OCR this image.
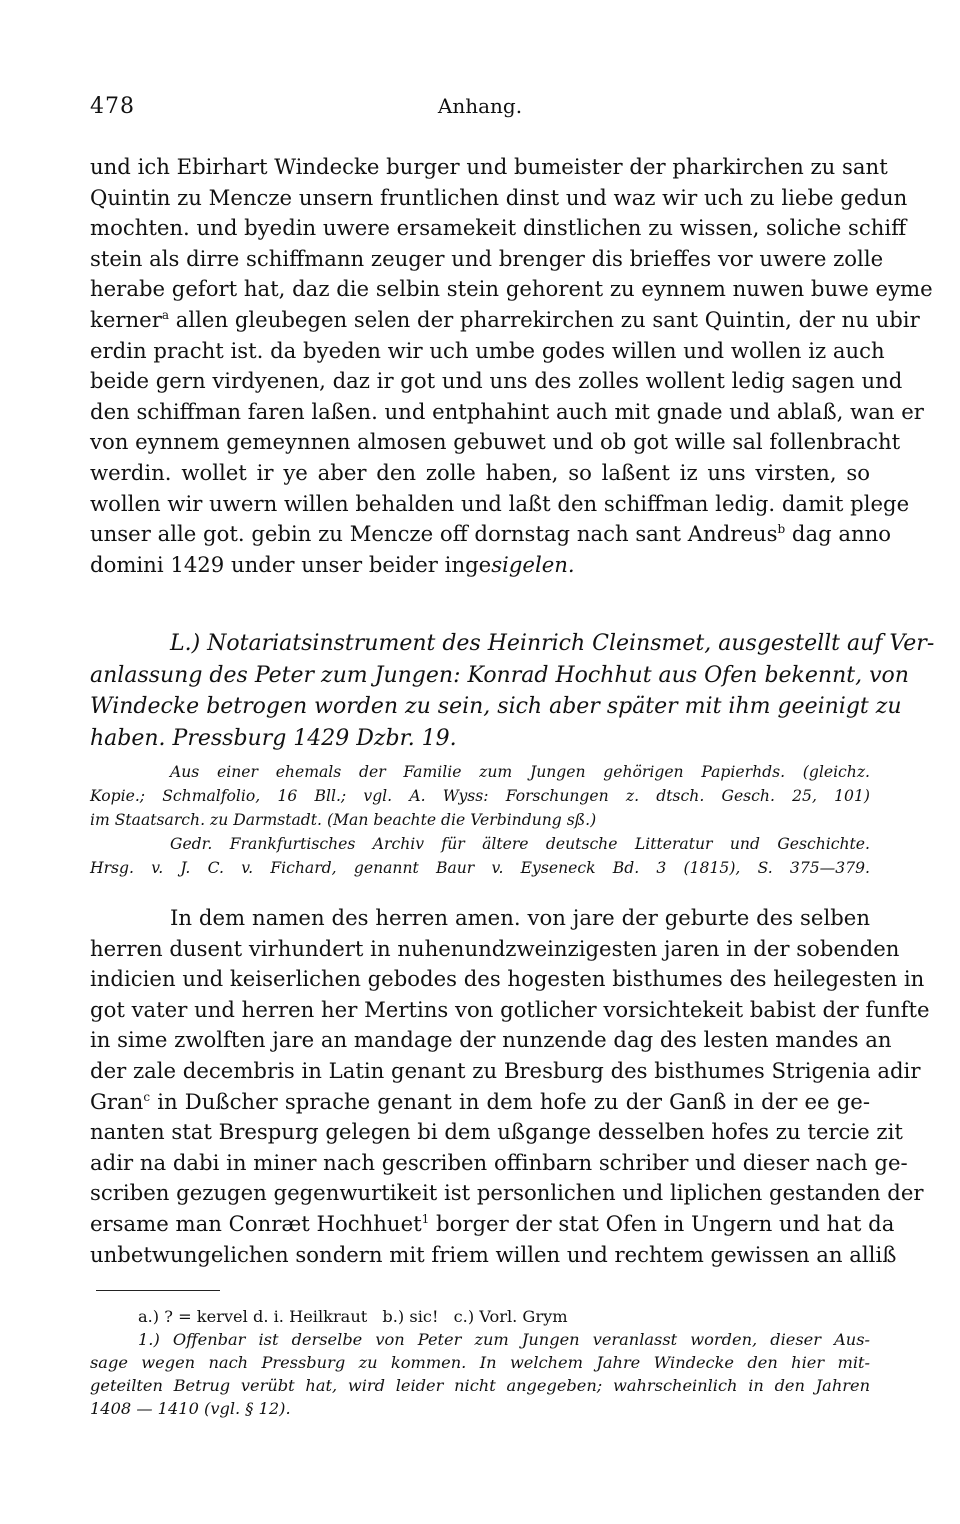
478	Anhang.
und ich Ebirhart Windecke burger und bumeister der pharkirchen zu sant
Quintin zu Mencze unsern fruntlichen dinst und waz wir uch zu liebe gedun
mochten. und byedin uwere ersamekeit dinstlichen zu wissen, soliche schiff
stein als dirre schiffmann zeuger und brenger dis brieffes vor uwere zolle
herabe gefort hat, daz die selbin stein gehorent zu eynnem nuwen buwe eyme
kerner$^a$ allen gleubegen selen der pharrekirchen zu sant Quintin, der nu ubir
erdin pracht ist. da byeden wir uch umbe godes willen und wollen iz auch
beide gern virdyenen, daz ir got und uns des zolles wollent ledig sagen und
den schiffman faren laßen. und entphahint auch mit gnade und ablaß, wan er
von eynnem gemeynnen almosen gebuwet und ob got wille sal follenbracht
werdin. wollet ir ye aber den zolle haben, so laßent iz uns virsten, so
wollen wir uwern willen behalden und laßt den schiffman ledig. damit plege
unser alle got. gebin zu Mencze off dornstag nach sant Andreus$^b$ dag anno
domini 1429 under unser beider ingesigelen.
L.) Notariatsinstrument des Heinrich Cleinsmet, ausgestellt auf Ver-
anlassung des Peter zum Jungen: Konrad Hochhut aus Ofen bekennt, von
Windecke betrogen worden zu sein, sich aber später mit ihm geeinigt zu
haben. Pressburg 1429 Dzbr. 19.
Aus einer ehemals der Familie zum Jungen gehörigen Papierhds. (gleichz.
Kopie.; Schmalfolio, 16 Bll.; vgl. A. Wyss: Forschungen z. dtsch. Gesch. 25, 101)
im Staatsarch. zu Darmstadt. (Man beachte die Verbindung sß.)
Gedr. Frankfurtisches Archiv für ältere deutsche Litteratur und Geschichte.
Hrsg. v. J. C. v. Fichard, genannt Baur v. Eyseneck Bd. 3 (1815), S. 375—379.
In dem namen des herren amen. von jare der geburte des selben
herren dusent virhundert in nuhenundzweinzigesten jaren in der sobenden
indicien und keiserlichen gebodes des hogesten bisthumes des heilegesten in
got vater und herren her Mertins von gotlicher vorsichtekeit babist der funfte
in sime zwolften jare an mandage der nunzende dag des lesten mandes an
der zale decembris in Latin genant zu Bresburg des bisthumes Strigenia adir
Gran$^c$ in Dußcher sprache genant in dem hofe zu der Ganß in der ee ge-
nanten stat Brespurg gelegen bi dem ußgange desselben hofes zu tercie zit
adir na dabi in miner nach gescriben offinbarn schriber und dieser nach ge-
scriben gezugen gegenwurtikeit ist personlichen und liplichen gestanden der
ersame man Conræt Hochhuet$^1$ borger der stat Ofen in Ungern und hat da
unbetwungelichen sondern mit friem willen und rechtem gewissen an alliß
a.) ? = kervel d. i. Heilkraut b.) sic! c.) Vorl. Grym
1.) Offenbar ist derselbe von Peter zum Jungen veranlasst worden, dieser Aus-
sage wegen nach Pressburg zu kommen. In welchem Jahre Windecke den hier mit-
geteilten Betrug verübt hat, wird leider nicht angegeben; wahrscheinlich in den Jahren
1408 — 1410 (vgl. § 12).
